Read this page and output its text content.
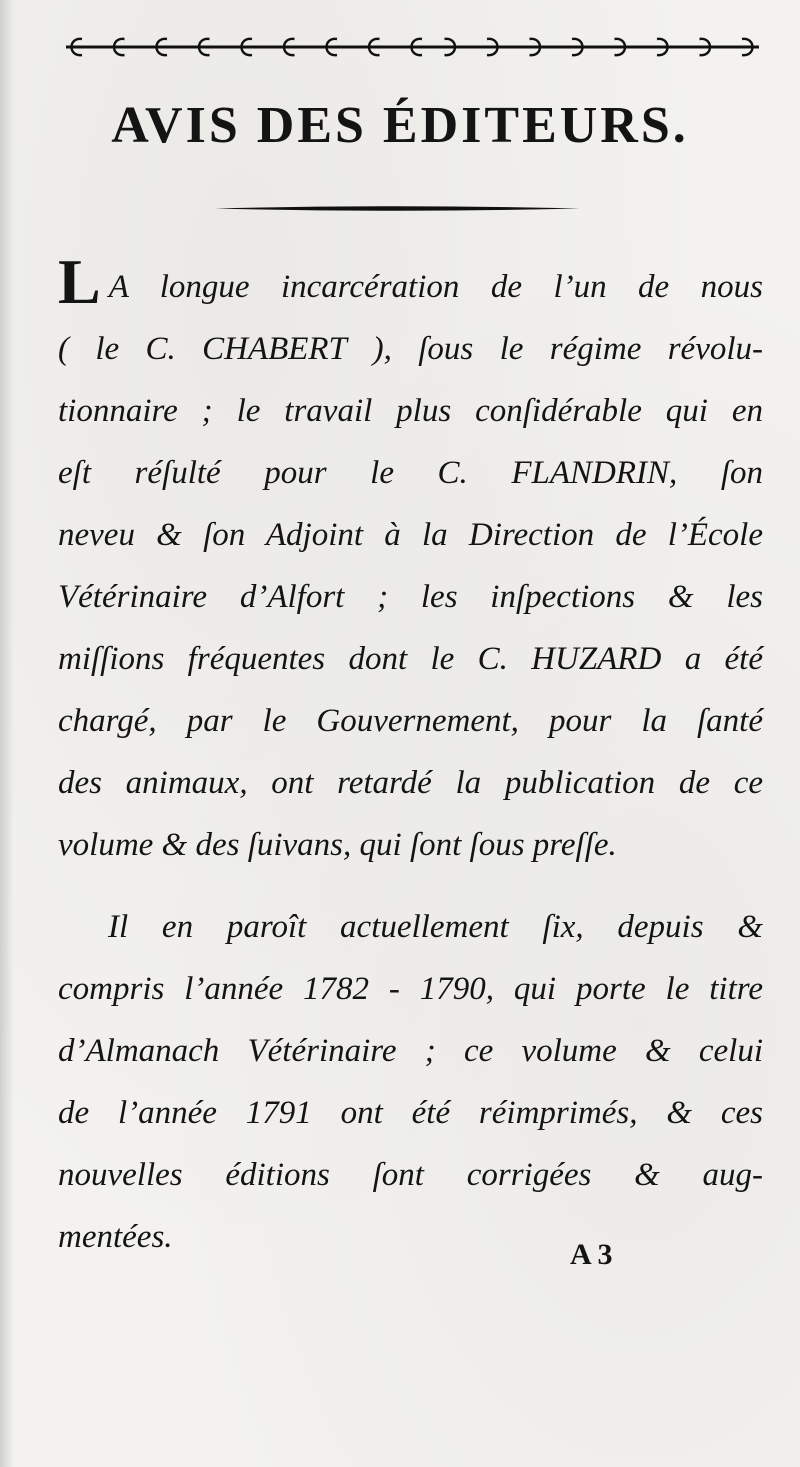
AVIS DES ÉDITEURS.
L A longue incarcération de l’un de nous
( le C. CHABERT ), ſous le régime révolu-
tionnaire ; le travail plus conſidérable qui en
eſt réſulté pour le C. FLANDRIN, ſon
neveu & ſon Adjoint à la Direction de l’École
Vétérinaire d’Alfort ; les inſpections & les
miſſions fréquentes dont le C. HUZARD a été
chargé, par le Gouvernement, pour la ſanté
des animaux, ont retardé la publication de ce
volume & des ſuivans, qui ſont ſous preſſe.
Il en paroît actuellement ſix, depuis &
compris l’année 1782 - 1790, qui porte le titre
d’Almanach Vétérinaire ; ce volume & celui
de l’année 1791 ont été réimprimés, & ces
nouvelles éditions ſont corrigées & aug-
mentées.	A 3
